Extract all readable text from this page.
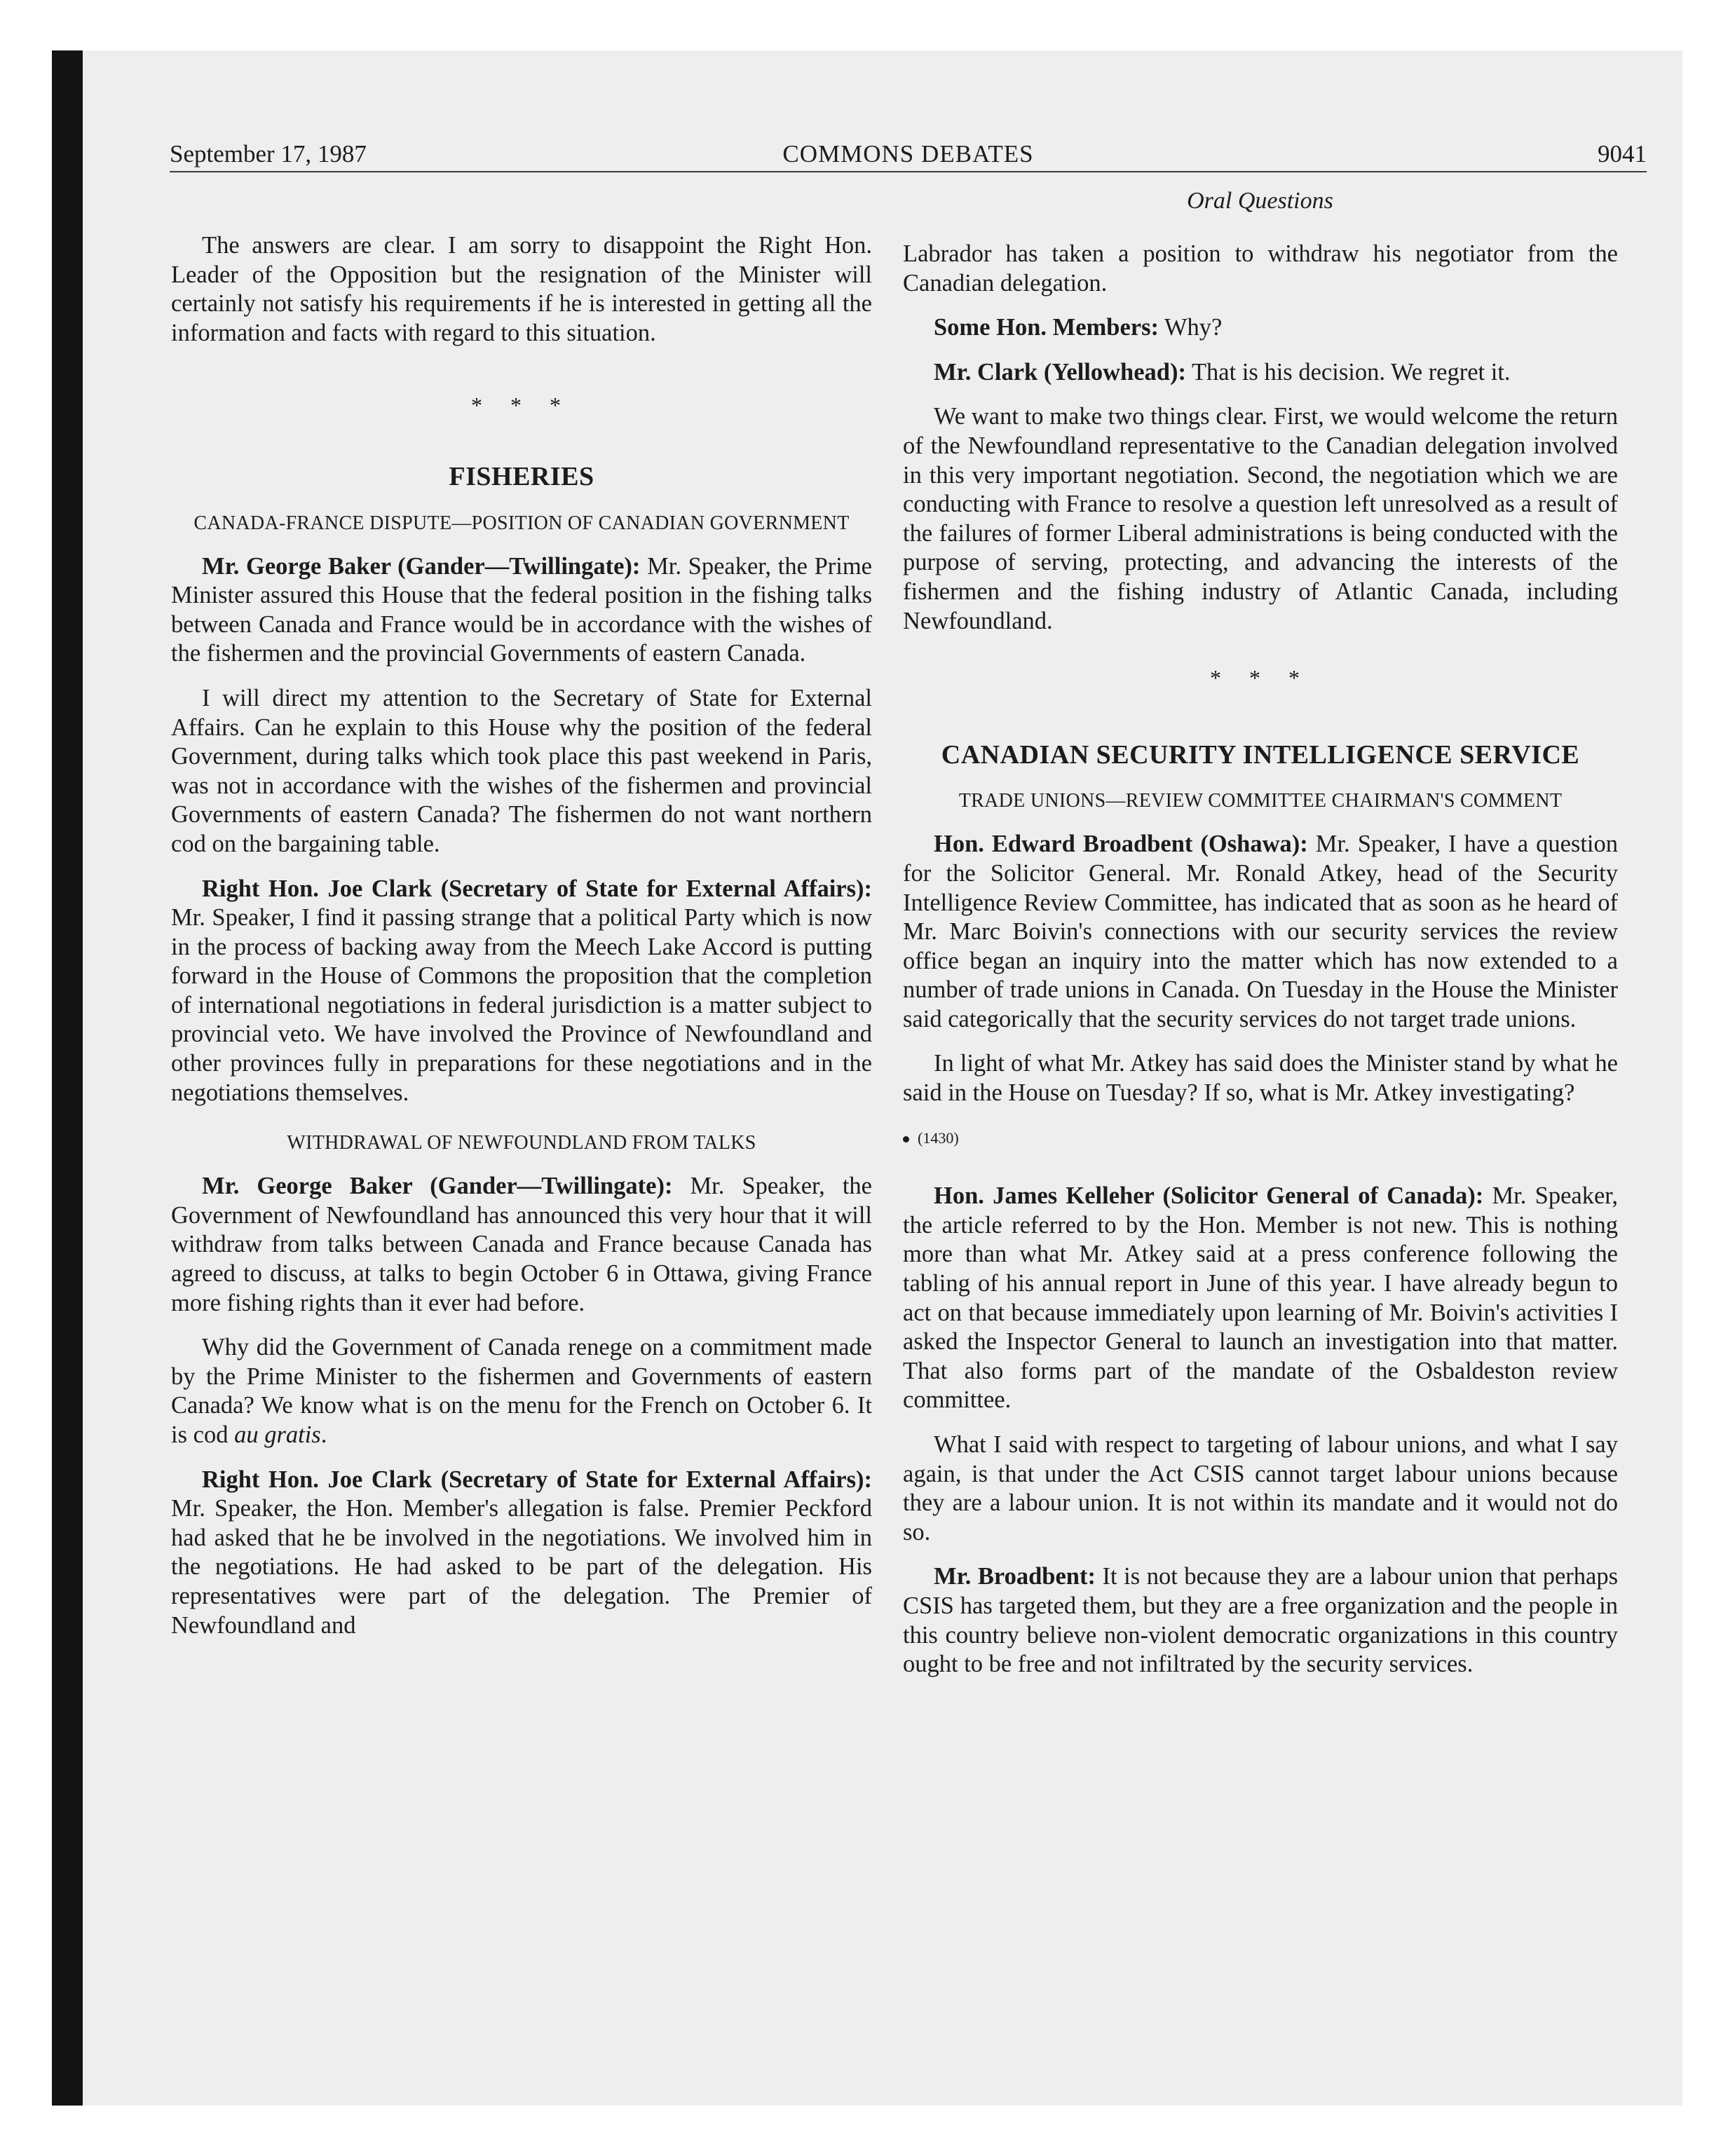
September 17, 1987	COMMONS DEBATES	9041
Oral Questions

The answers are clear. I am sorry to disappoint the Right Hon. Leader of the Opposition but the resignation of the Minister will certainly not satisfy his requirements if he is interested in getting all the information and facts with regard to this situation.

* * *
FISHERIES
CANADA-FRANCE DISPUTE—POSITION OF CANADIAN GOVERNMENT

Mr. George Baker (Gander—Twillingate): Mr. Speaker, the Prime Minister assured this House that the federal position in the fishing talks between Canada and France would be in accordance with the wishes of the fishermen and the provincial Governments of eastern Canada.

I will direct my attention to the Secretary of State for External Affairs. Can he explain to this House why the position of the federal Government, during talks which took place this past weekend in Paris, was not in accordance with the wishes of the fishermen and provincial Governments of eastern Canada? The fishermen do not want northern cod on the bargaining table.

Right Hon. Joe Clark (Secretary of State for External Affairs): Mr. Speaker, I find it passing strange that a political Party which is now in the process of backing away from the Meech Lake Accord is putting forward in the House of Commons the proposition that the completion of international negotiations in federal jurisdiction is a matter subject to provincial veto. We have involved the Province of Newfoundland and other provinces fully in preparations for these negotiations and in the negotiations themselves.

WITHDRAWAL OF NEWFOUNDLAND FROM TALKS

Mr. George Baker (Gander—Twillingate): Mr. Speaker, the Government of Newfoundland has announced this very hour that it will withdraw from talks between Canada and France because Canada has agreed to discuss, at talks to begin October 6 in Ottawa, giving France more fishing rights than it ever had before.

Why did the Government of Canada renege on a commitment made by the Prime Minister to the fishermen and Governments of eastern Canada? We know what is on the menu for the French on October 6. It is cod au gratis.

Right Hon. Joe Clark (Secretary of State for External Affairs): Mr. Speaker, the Hon. Member's allegation is false. Premier Peckford had asked that he be involved in the negotiations. We involved him in the negotiations. He had asked to be part of the delegation. His representatives were part of the delegation. The Premier of Newfoundland and

Labrador has taken a position to withdraw his negotiator from the Canadian delegation.

Some Hon. Members: Why?

Mr. Clark (Yellowhead): That is his decision. We regret it.

We want to make two things clear. First, we would welcome the return of the Newfoundland representative to the Canadian delegation involved in this very important negotiation. Second, the negotiation which we are conducting with France to resolve a question left unresolved as a result of the failures of former Liberal administrations is being conducted with the purpose of serving, protecting, and advancing the interests of the fishermen and the fishing industry of Atlantic Canada, including Newfoundland.

* * *
CANADIAN SECURITY INTELLIGENCE SERVICE
TRADE UNIONS—REVIEW COMMITTEE CHAIRMAN'S COMMENT

Hon. Edward Broadbent (Oshawa): Mr. Speaker, I have a question for the Solicitor General. Mr. Ronald Atkey, head of the Security Intelligence Review Committee, has indicated that as soon as he heard of Mr. Marc Boivin's connections with our security services the review office began an inquiry into the matter which has now extended to a number of trade unions in Canada. On Tuesday in the House the Minister said categorically that the security services do not target trade unions.

In light of what Mr. Atkey has said does the Minister stand by what he said in the House on Tuesday? If so, what is Mr. Atkey investigating?

(1430)

Hon. James Kelleher (Solicitor General of Canada): Mr. Speaker, the article referred to by the Hon. Member is not new. This is nothing more than what Mr. Atkey said at a press conference following the tabling of his annual report in June of this year. I have already begun to act on that because immediately upon learning of Mr. Boivin's activities I asked the Inspector General to launch an investigation into that matter. That also forms part of the mandate of the Osbaldeston review committee.

What I said with respect to targeting of labour unions, and what I say again, is that under the Act CSIS cannot target labour unions because they are a labour union. It is not within its mandate and it would not do so.

Mr. Broadbent: It is not because they are a labour union that perhaps CSIS has targeted them, but they are a free organization and the people in this country believe non-violent democratic organizations in this country ought to be free and not infiltrated by the security services.
